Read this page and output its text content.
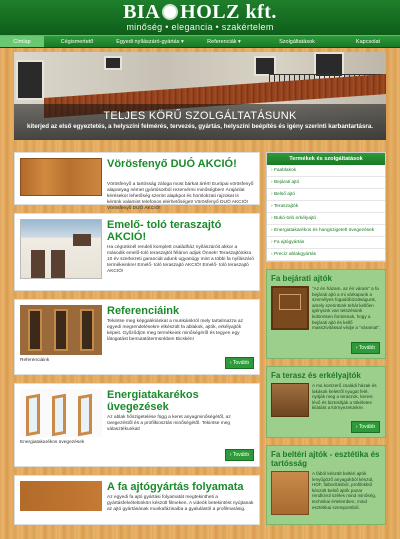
BIA HOLZ kft.
minőség • elegancia • szakértelem
Címlap	Cégismertető	Egyedi nyílászáró-gyártás ▾	Referenciák ▾	Szolgáltatások	Kapcsolat
TELJES KÖRŰ SZOLGÁLTATÁSUNK
kiterjed az első egyeztetés, a helyszíni felmérés, tervezés, gyártás, helyszíni beépítés és igény szerinti karbantartásra.
Vörösfenyő DUÓ AKCIÓ!

Vörösfenyő a tartósság záloga most bárkat árért! Európai vörösfenyő alapanyag német gyártósorból rezervérmi minőségben! Árajánlat kérésekor lehetőség szerint alapkpot és homlokzati rajzokat is kérünk valamint telefonos elérhetőséget! Vörösfenyő DUÓ AKCIÓ! Vörösfenyő DUÓ AKCIÓ!

Emelő- toló teraszajtó AKCIÓ!

Ha cégünknél rendeli komplett családház nyílászáróit akkor a második emelő-toló teraszajtót féláron adjuk Önnek! Teraszajtóinkra 10 év szerkezeti garanciát adunk ugyanúgy mint a többi fa nyílászáró termékeinkre! Emelő- toló teraszajtó AKCIÓ! Emelő- toló teraszajtó AKCIÓ!

Referenciáink

Tekintse meg képgalériánkat a munkáinkról mely tartalmazza az egyedi megrendelésekre elkészült fa ablakok, ajtók, erkélyajtók képeit. Győződjön meg termékeink minőségéről és tegyen egy látogatást bemutatótermünkben Bicskén!

Referenciáink	› Tovább
Energiatakarékos üvegezések

Az ablak hőszigetelése függ a keret anyagminőségétől, az üvegezéstől és a profilkiosztás minőségétől. Tekintse meg választékunkat!

Energiatakarékos üvegezések
› Tovább
A fa ajtógyártás folyamata

Az egyedi fa ajtó gyártási folyamatát megtekintheti a gyártásfelvételünkön készült filmeken. A videók betekintést nyújtanak az ajtó gyártásának munkafázisaiba a gyalulástól a profilmarásig.

Termékek és szolgáltatások
› Faablakok
› Bejárati ajtó
› Belső ajtó
› Teraszajtók
› Bukó-toló erkélyajtó
› Energiatakarékos és hangszigetelt üvegezések
› Fa ajtógyártás
› Precíz ablakgyártás
Fa bejárati ajtók

"Az én házam, az én váram" a fa bejárati ajtó a mi várkapunk a személyes fogadóbizottságunk, amely szerintünk tehát kellően igényünk van tetszésünk különösen fontosnak, hogy a bejárati ajtó és kellő masszívitással védje a "váramat".

› Tovább
Fa terasz és erkélyajtók

A ma korszerű családi házak és lakások keletről nyugat felé, nyitják meg a teraszok, keresi lévő és biztosítják a tökéletes kilátást a környezetünkre.

› Tovább
Fa beltéri ajtók - esztétika és tartósság

A fából készült beltéri ajtók lenyűgöző anyagokból készül, HDF, falborításból, profilokból készült belső ajtók pazar rendkívül széles mind minőség, technikai értelemben, mind esztétikai szempontból.
